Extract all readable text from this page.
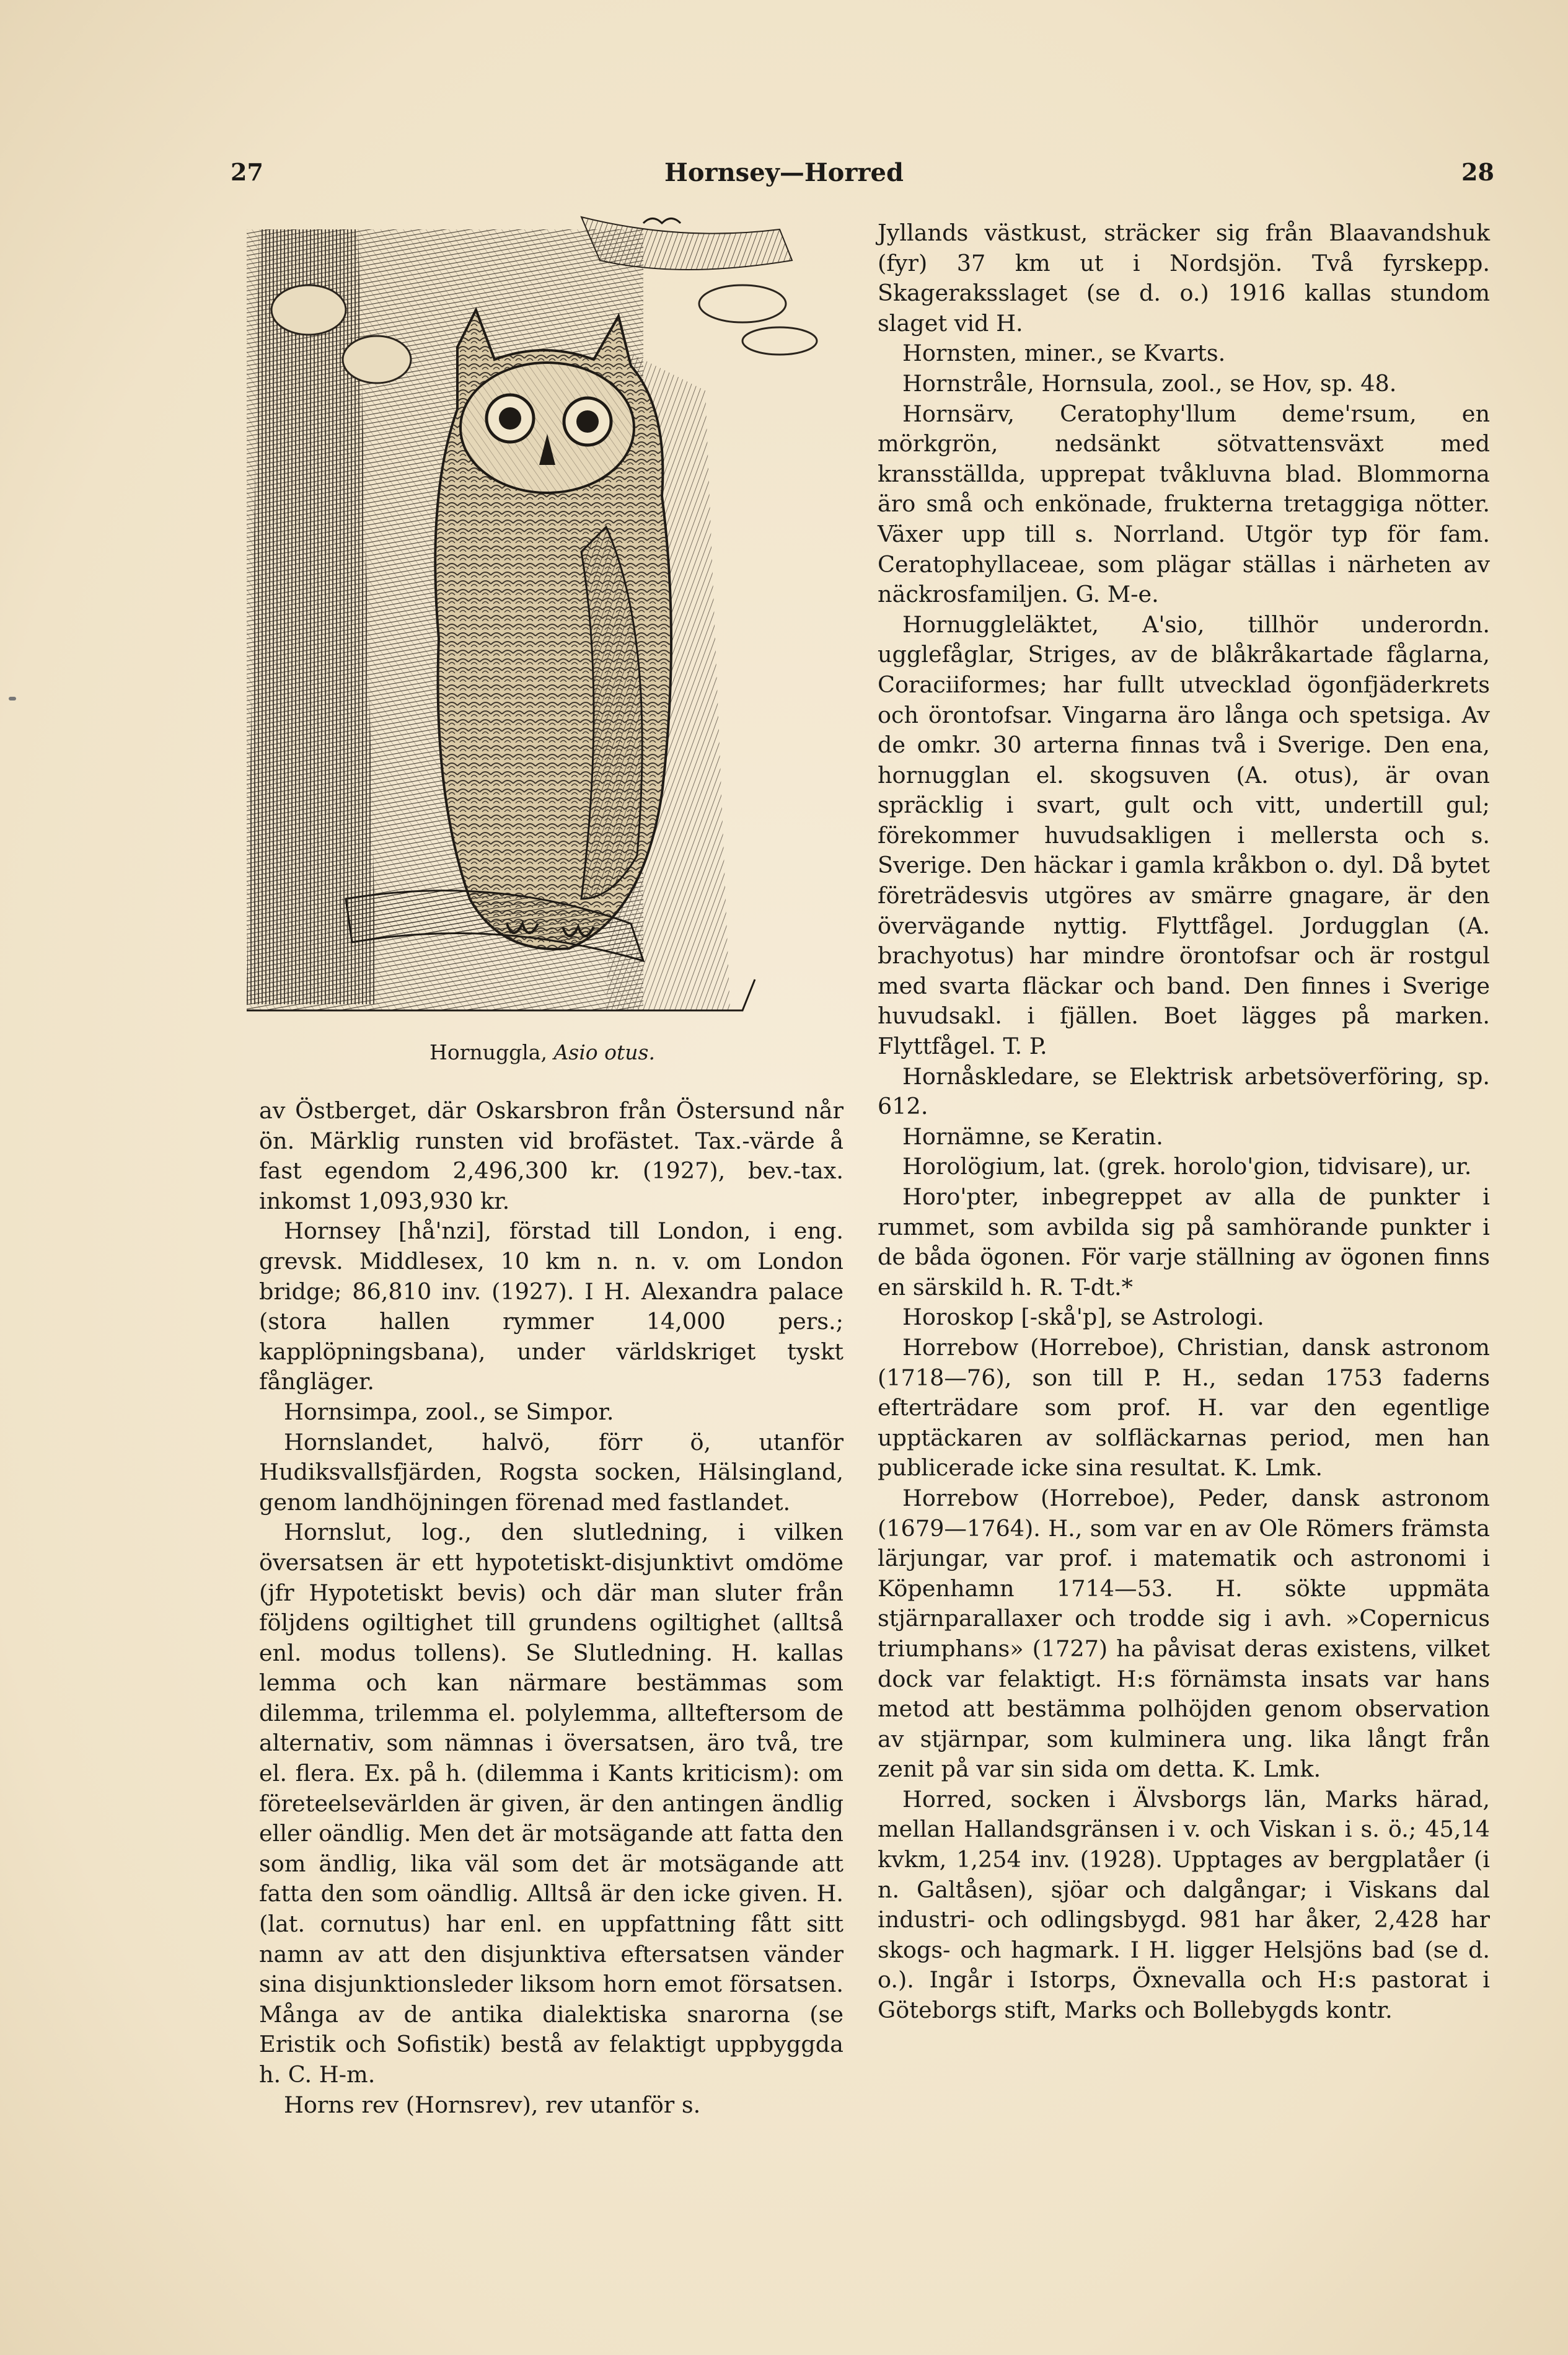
27	Hornsey—Horred	28
Hornuggla, Asio otus.

av Östberget, där Oskarsbron från Östersund når ön. Märklig runsten vid brofästet. Tax.-värde å fast egendom 2,496,300 kr. (1927), bev.-tax. inkomst 1,093,930 kr.

Hornsey [hå'nzi], förstad till London, i eng. grevsk. Middlesex, 10 km n. n. v. om London bridge; 86,810 inv. (1927). I H. Alexandra palace (stora hallen rymmer 14,000 pers.; kapplöpningsbana), under världskriget tyskt fångläger.

Hornsimpa, zool., se Simpor.

Hornslandet, halvö, förr ö, utanför Hudiksvallsfjärden, Rogsta socken, Hälsingland, genom landhöjningen förenad med fastlandet.

Hornslut, log., den slutledning, i vilken översatsen är ett hypotetiskt-disjunktivt omdöme (jfr Hypotetiskt bevis) och där man sluter från följdens ogiltighet till grundens ogiltighet (alltså enl. modus tollens). Se Slutledning. H. kallas lemma och kan närmare bestämmas som dilemma, trilemma el. polylemma, allteftersom de alternativ, som nämnas i översatsen, äro två, tre el. flera. Ex. på h. (dilemma i Kants kriticism): om företeelsevärlden är given, är den antingen ändlig eller oändlig. Men det är motsägande att fatta den som ändlig, lika väl som det är motsägande att fatta den som oändlig. Alltså är den icke given. H. (lat. cornutus) har enl. en uppfattning fått sitt namn av att den disjunktiva eftersatsen vänder sina disjunktionsleder liksom horn emot försatsen. Många av de antika dialektiska snarorna (se Eristik och Sofistik) bestå av felaktigt uppbyggda h. C. H-m.

Horns rev (Hornsrev), rev utanför s.

Jyllands västkust, sträcker sig från Blaavandshuk (fyr) 37 km ut i Nordsjön. Två fyrskepp. Skageraksslaget (se d. o.) 1916 kallas stundom slaget vid H.

Hornsten, miner., se Kvarts.

Hornstråle, Hornsula, zool., se Hov, sp. 48.

Hornsärv, Ceratophy'llum deme'rsum, en mörkgrön, nedsänkt sötvattensväxt med kransställda, upprepat tvåkluvna blad. Blommorna äro små och enkönade, frukterna tretaggiga nötter. Växer upp till s. Norrland. Utgör typ för fam. Ceratophyllaceae, som plägar ställas i närheten av näckrosfamiljen. G. M-e.

Hornuggleläktet, A'sio, tillhör underordn. ugglefåglar, Striges, av de blåkråkartade fåglarna, Coraciiformes; har fullt utvecklad ögonfjäderkrets och örontofsar. Vingarna äro långa och spetsiga. Av de omkr. 30 arterna finnas två i Sverige. Den ena, hornugglan el. skogsuven (A. otus), är ovan spräcklig i svart, gult och vitt, undertill gul; förekommer huvudsakligen i mellersta och s. Sverige. Den häckar i gamla kråkbon o. dyl. Då bytet företrädesvis utgöres av smärre gnagare, är den övervägande nyttig. Flyttfågel. Jordugglan (A. brachyotus) har mindre örontofsar och är rostgul med svarta fläckar och band. Den finnes i Sverige huvudsakl. i fjällen. Boet lägges på marken. Flyttfågel. T. P.

Hornåskledare, se Elektrisk arbetsöverföring, sp. 612.

Hornämne, se Keratin.

Horolögium, lat. (grek. horolo'gion, tidvisare), ur.

Horo'pter, inbegreppet av alla de punkter i rummet, som avbilda sig på samhörande punkter i de båda ögonen. För varje ställning av ögonen finns en särskild h. R. T-dt.*

Horoskop [-skå'p], se Astrologi.

Horrebow (Horreboe), Christian, dansk astronom (1718—76), son till P. H., sedan 1753 faderns efterträdare som prof. H. var den egentlige upptäckaren av solfläckarnas period, men han publicerade icke sina resultat. K. Lmk.

Horrebow (Horreboe), Peder, dansk astronom (1679—1764). H., som var en av Ole Römers främsta lärjungar, var prof. i matematik och astronomi i Köpenhamn 1714—53. H. sökte uppmäta stjärnparallaxer och trodde sig i avh. »Copernicus triumphans» (1727) ha påvisat deras existens, vilket dock var felaktigt. H:s förnämsta insats var hans metod att bestämma polhöjden genom observation av stjärnpar, som kulminera ung. lika långt från zenit på var sin sida om detta. K. Lmk.

Horred, socken i Älvsborgs län, Marks härad, mellan Hallandsgränsen i v. och Viskan i s. ö.; 45,14 kvkm, 1,254 inv. (1928). Upptages av bergplatåer (i n. Galtåsen), sjöar och dalgångar; i Viskans dal industri- och odlingsbygd. 981 har åker, 2,428 har skogs- och hagmark. I H. ligger Helsjöns bad (se d. o.). Ingår i Istorps, Öxnevalla och H:s pastorat i Göteborgs stift, Marks och Bollebygds kontr.
